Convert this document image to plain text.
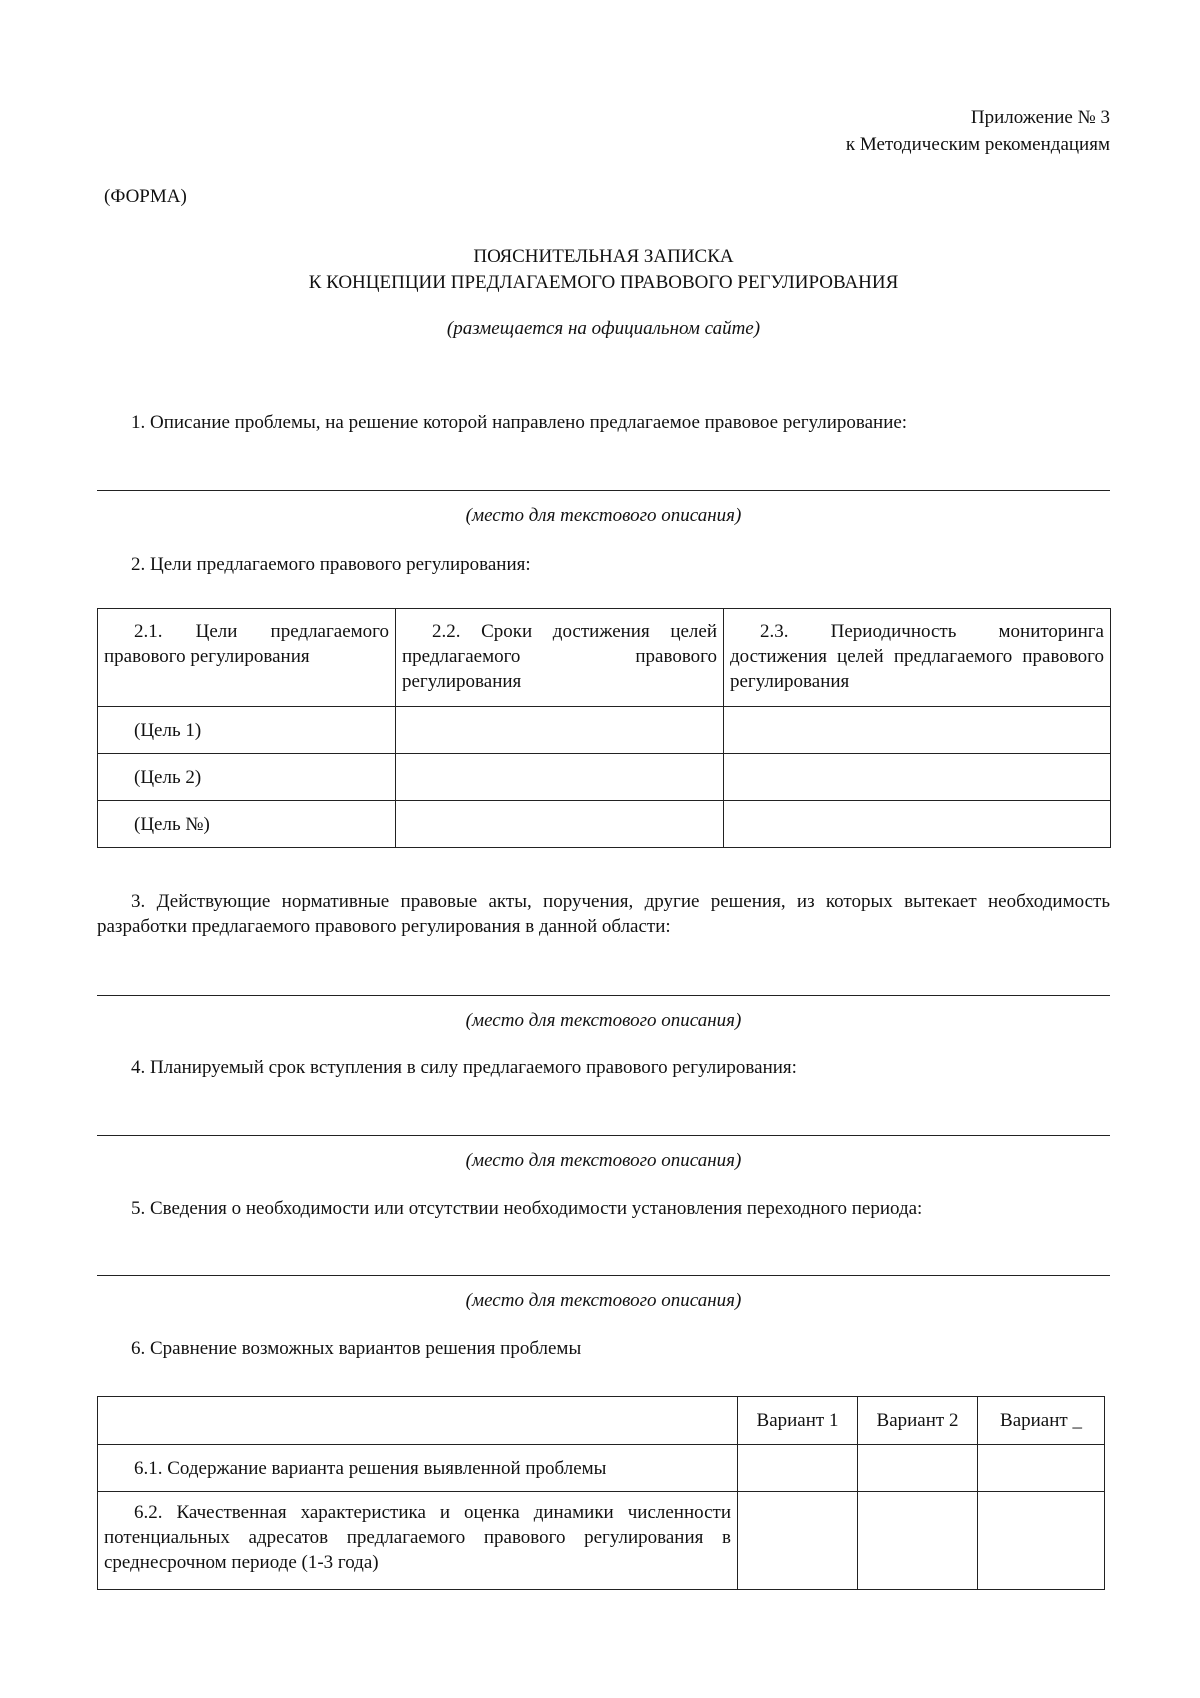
Приложение № 3
к Методическим рекомендациям
(ФОРМА)
ПОЯСНИТЕЛЬНАЯ ЗАПИСКА
К КОНЦЕПЦИИ ПРЕДЛАГАЕМОГО ПРАВОВОГО РЕГУЛИРОВАНИЯ
(размещается на официальном сайте)
1. Описание проблемы, на решение которой направлено предлагаемое правовое регулирование:
(место для текстового описания)
2. Цели предлагаемого правового регулирования:
2.1. Цели предлагаемого правового регулирования	2.2. Сроки достижения целей предлагаемого правового регулирования	2.3. Периодичность мониторинга достижения целей предлагаемого правового регулирования
(Цель 1)		
(Цель 2)		
(Цель №)		
3. Действующие нормативные правовые акты, поручения, другие решения, из которых вытекает необходимость разработки предлагаемого правового регулирования в данной области:
(место для текстового описания)
4. Планируемый срок вступления в силу предлагаемого правового регулирования:
(место для текстового описания)
5. Сведения о необходимости или отсутствии необходимости установления переходного периода:
(место для текстового описания)
6. Сравнение возможных вариантов решения проблемы
	Вариант 1	Вариант 2	Вариант _
6.1. Содержание варианта решения выявленной проблемы			
6.2. Качественная характеристика и оценка динамики численности потенциальных адресатов предлагаемого правового регулирования в среднесрочном периоде (1-3 года)			
